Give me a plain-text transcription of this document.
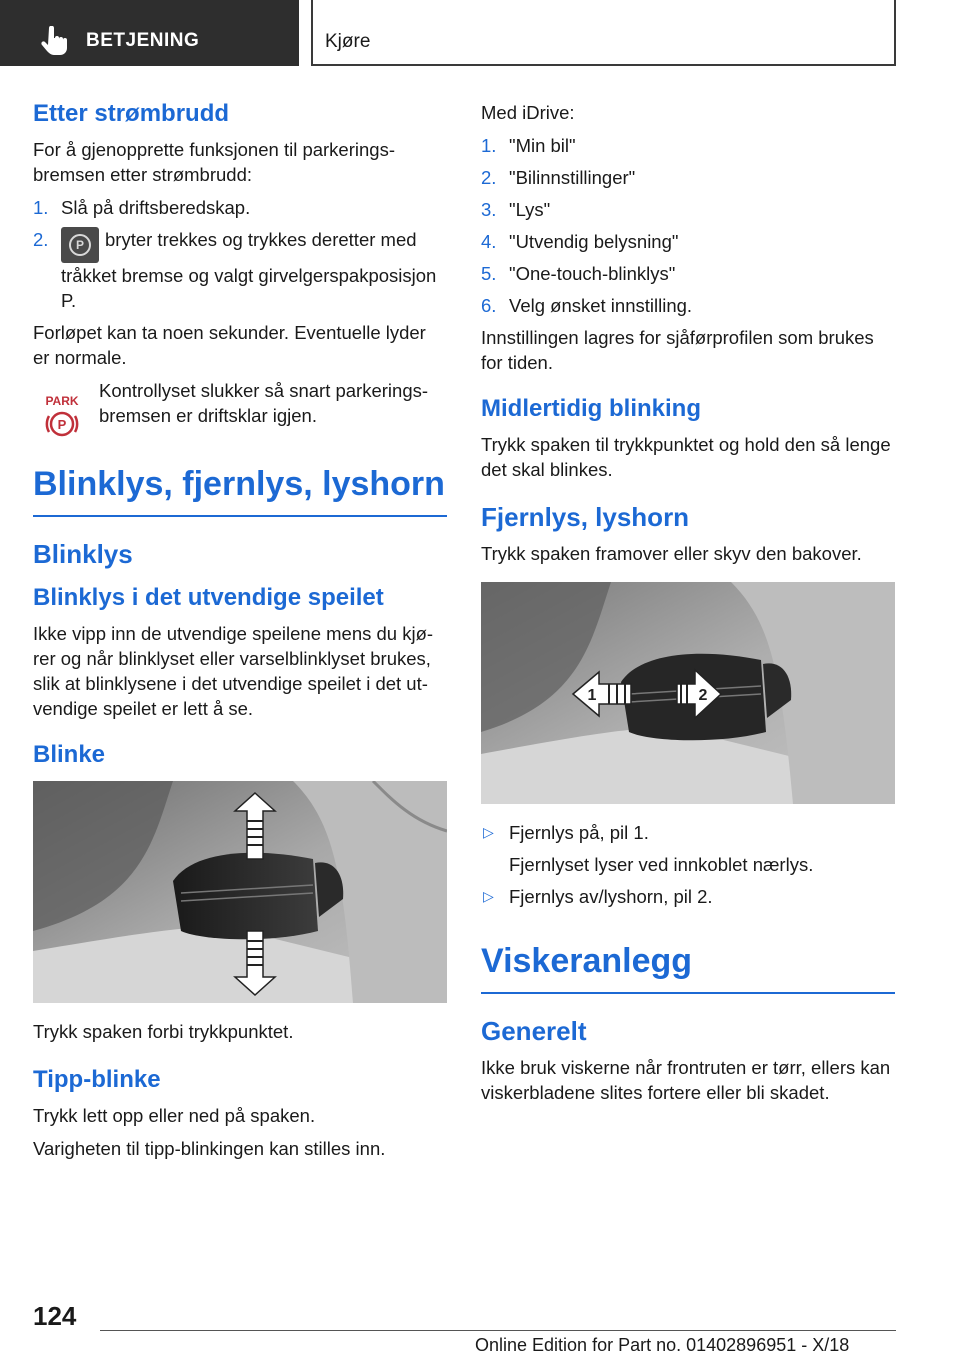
BETJENING	Kjøre
Etter strømbrudd

For å gjenopprette funksjonen til parkeringsbremsen etter strømbrudd:

1. Slå på driftsberedskap.
2.	P	bryter trekkes og trykkes deretter med tråkket bremse og valgt girvelgerspakposisjon P.

Forløpet kan ta noen sekunder. Eventuelle lyder er normale.

PARK
P

Kontrollyset slukker så snart parkeringsbremsen er driftsklar igjen.

Blinklys, fjernlys, lyshorn
Blinklys
Blinklys i det utvendige speilet

Ikke vipp inn de utvendige speilene mens du kjører og når blinklyset eller varselblinklyset brukes, slik at blinklysene i det utvendige speilet i det utvendige speilet er lett å se.

Blinke

Trykk spaken forbi trykkpunktet.

Tipp-blinke

Trykk lett opp eller ned på spaken.

Varigheten til tipp-blinkingen kan stilles inn.

Med iDrive:

1. "Min bil"
2. "Bilinnstillinger"
3. "Lys"
4. "Utvendig belysning"
5. "One-touch-blinklys"
6. Velg ønsket innstilling.

Innstillingen lagres for sjåførprofilen som brukes for tiden.

Midlertidig blinking

Trykk spaken til trykkpunktet og hold den så lenge det skal blinkes.

Fjernlys, lyshorn

Trykk spaken framover eller skyv den bakover.

1	2
▷ Fjernlys på, pil 1.
Fjernlyset lyser ved innkoblet nærlys.
▷ Fjernlys av/lyshorn, pil 2.
Viskeranlegg
Generelt

Ikke bruk viskerne når frontruten er tørr, ellers kan viskerbladene slites fortere eller bli skadet.

124
Online Edition for Part no. 01402896951 - X/18
